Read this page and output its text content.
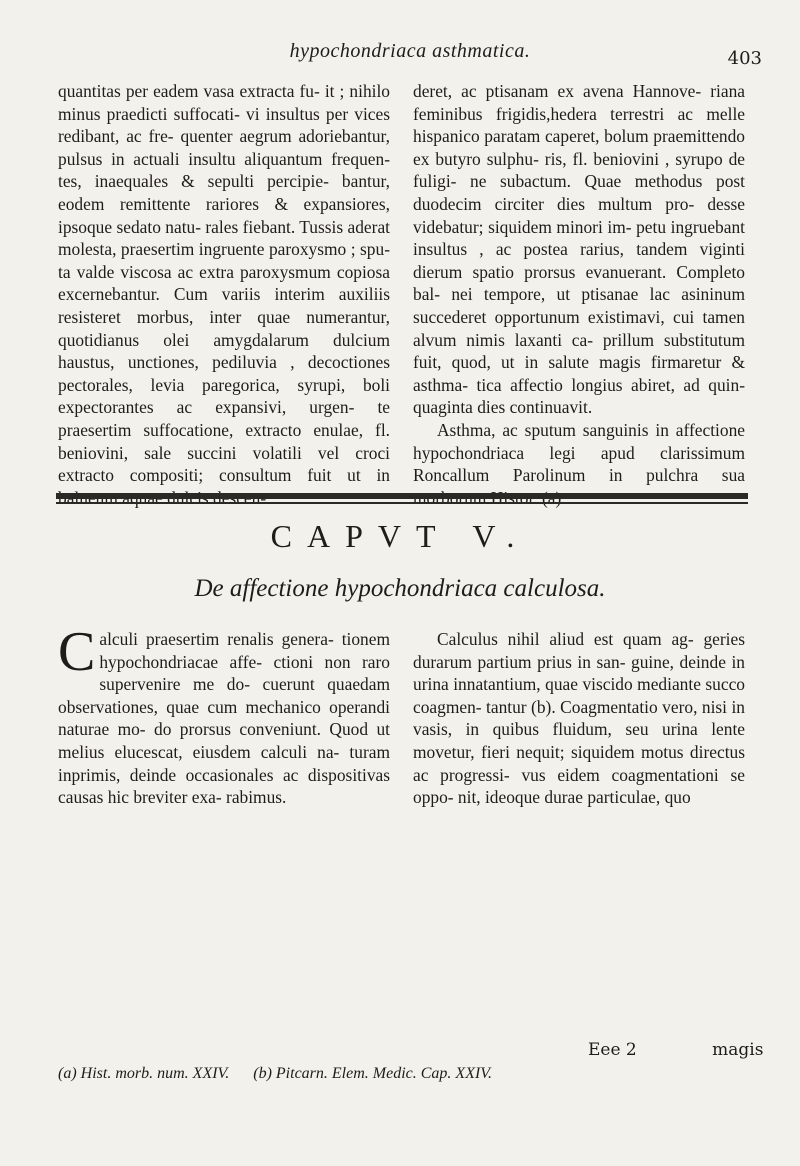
hypochondriaca asthmatica.	403

quantitas per eadem vasa extracta fu- it ; nihilo minus praedicti suffocati- vi insultus per vices redibant, ac fre- quenter aegrum adoriebantur, pulsus in actuali insultu aliquantum frequen- tes, inaequales & sepulti percipie- bantur, eodem remittente rariores & expansiores, ipsoque sedato natu- rales fiebant. Tussis aderat molesta, praesertim ingruente paroxysmo ; spu- ta valde viscosa ac extra paroxysmum copiosa excernebantur. Cum variis interim auxiliis resisteret morbus, inter quae numerantur, quotidianus olei amygdalarum dulcium haustus, unctiones, pediluvia , decoctiones pectorales, levia paregorica, syrupi, boli expectorantes ac expansivi, urgen- te praesertim suffocatione, extracto enulae, fl. beniovini, sale succini volatili vel croci extracto compositi; consultum fuit ut in

deret, ac ptisanam ex avena Hannove- riana feminibus frigidis,hedera terrestri ac melle hispanico paratam caperet, bolum praemittendo ex butyro sulphu- ris, fl. beniovini , syrupo de fuligi- ne subactum. Quae methodus post duodecim circiter dies multum pro- desse videbatur; siquidem minori im- petu ingruebant insultus , ac postea rarius, tandem viginti dierum spatio prorsus evanuerant. Completo bal- nei tempore, ut ptisanae lac asininum succederet opportunum existimavi, cui tamen alvum nimis laxanti ca- prillum substitutum fuit, quod, ut in salute magis firmaretur & asthma- tica affectio longius abiret, ad quin- quaginta dies continuavit.

Asthma, ac sputum sanguinis in affectione hypochondriaca legi apud clarissimum Roncallum Parolinum in pulchra sua

CAPVT V.
De affectione hypochondriaca calculosa.

Calculi praesertim renalis genera- tionem hypochondriacae affe- ctioni non raro supervenire me do- cuerunt quaedam observationes, quae cum mechanico operandi naturae mo- do prorsus conveniunt. Quod ut melius elucescat, eiusdem calculi na- turam inprimis, deinde occasionales ac dispositivas causas hic breviter exa- rabimus.

Calculus nihil aliud est quam ag- geries durarum partium prius in san- guine, deinde in urina innatantium, quae viscido mediante succo coagmen- tantur (b). Coagmentatio vero, nisi in vasis, in quibus fluidum, seu urina lente movetur, fieri nequit; siquidem motus directus ac progressi- vus eidem coagmentationi se oppo- nit, ideoque durae particulae, quo

Eee 2	magis
(a) Hist. morb. num. XXIV. (b) Pitcarn. Elem. Medic. Cap. XXIV.
